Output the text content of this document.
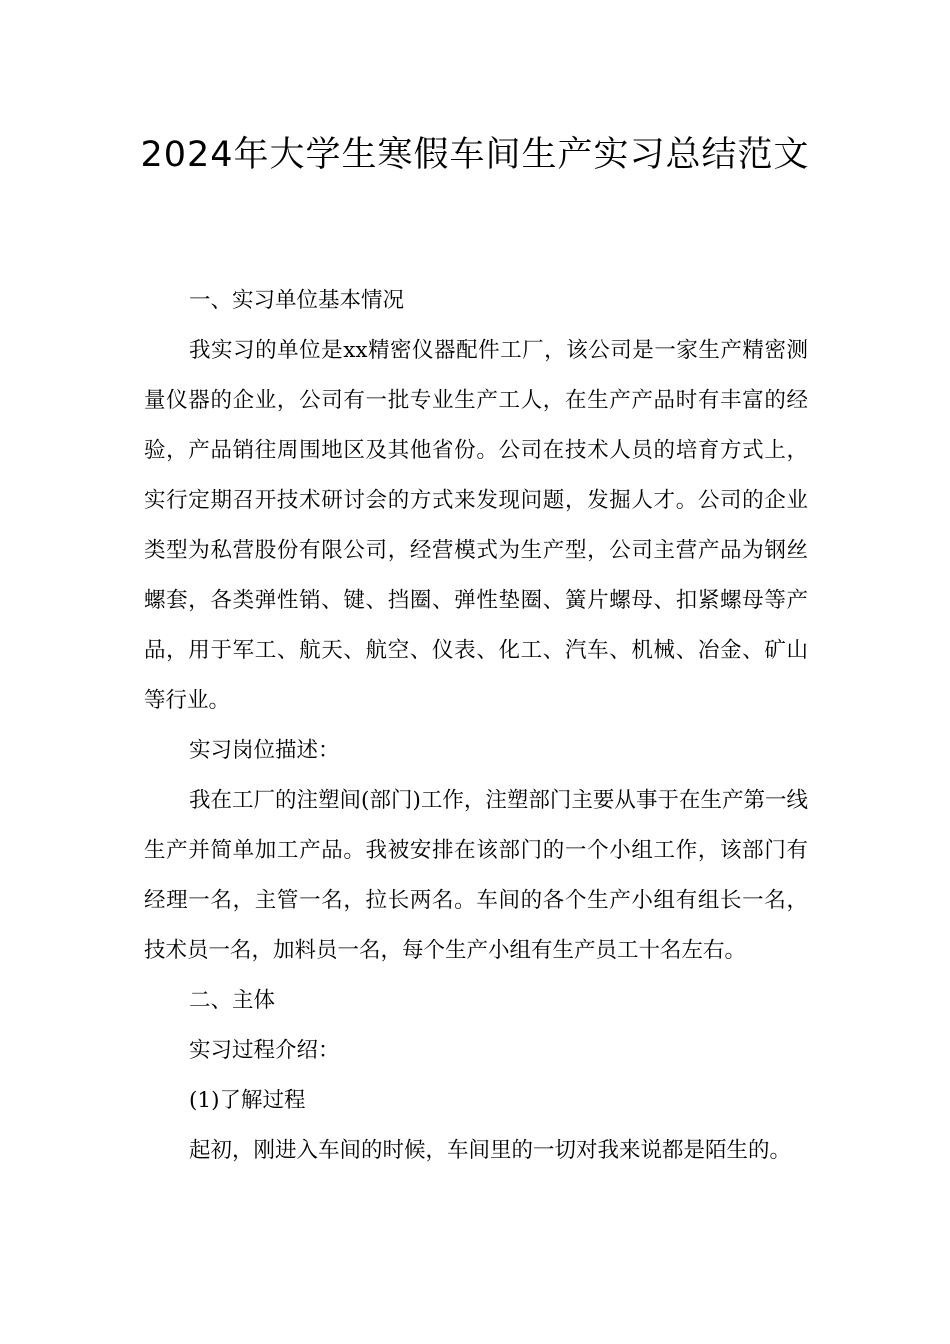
2024年大学生寒假车间生产实习总结范文

一、实习单位基本情况

我实习的单位是xx精密仪器配件工厂，该公司是一家生产精密测量仪器的企业，公司有一批专业生产工人，在生产产品时有丰富的经验，产品销往周围地区及其他省份。公司在技术人员的培育方式上，实行定期召开技术研讨会的方式来发现问题，发掘人才。公司的企业类型为私营股份有限公司，经营模式为生产型，公司主营产品为钢丝螺套，各类弹性销、键、挡圈、弹性垫圈、簧片螺母、扣紧螺母等产品，用于军工、航天、航空、仪表、化工、汽车、机械、冶金、矿山等行业。

实习岗位描述：

我在工厂的注塑间(部门)工作，注塑部门主要从事于在生产第一线生产并简单加工产品。我被安排在该部门的一个小组工作，该部门有经理一名，主管一名，拉长两名。车间的各个生产小组有组长一名，技术员一名，加料员一名，每个生产小组有生产员工十名左右。

二、主体

实习过程介绍：

(1)了解过程

起初，刚进入车间的时候，车间里的一切对我来说都是陌生的。
